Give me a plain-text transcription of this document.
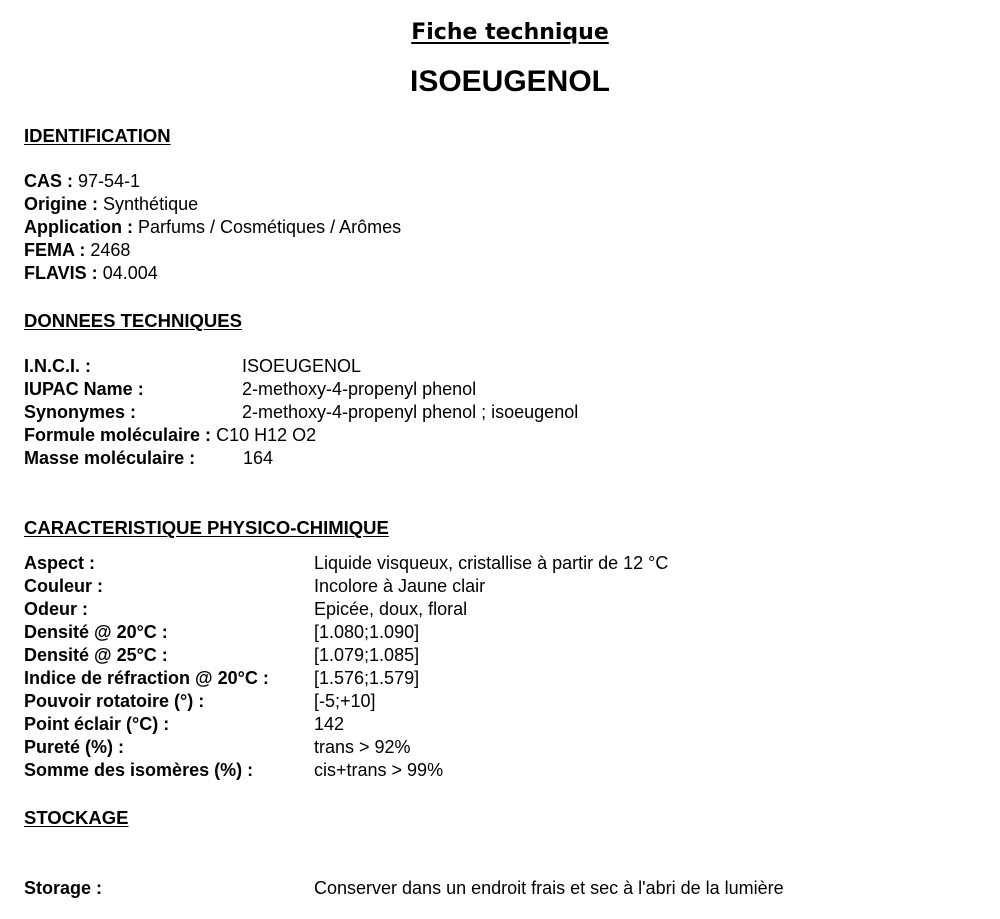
Fiche technique
ISOEUGENOL
IDENTIFICATION
CAS : 97-54-1
Origine : Synthétique
Application : Parfums / Cosmétiques / Arômes
FEMA : 2468
FLAVIS : 04.004
DONNEES TECHNIQUES
I.N.C.I. :	ISOEUGENOL
IUPAC Name :	2-methoxy-4-propenyl phenol
Synonymes :	2-methoxy-4-propenyl phenol ; isoeugenol
Formule moléculaire : C10 H12 O2
Masse moléculaire :	164
CARACTERISTIQUE PHYSICO-CHIMIQUE
Aspect :	Liquide visqueux, cristallise à partir de 12 °C
Couleur :	Incolore à Jaune clair
Odeur :	Epicée, doux, floral
Densité @ 20°C :	[1.080;1.090]
Densité @ 25°C :	[1.079;1.085]
Indice de réfraction @ 20°C :	[1.576;1.579]
Pouvoir rotatoire (°) :	[-5;+10]
Point éclair (°C) :	142
Pureté (%) :	trans > 92%
Somme des isomères (%) :	cis+trans > 99%
STOCKAGE
Storage :	Conserver dans un endroit frais et sec à l'abri de la lumière
